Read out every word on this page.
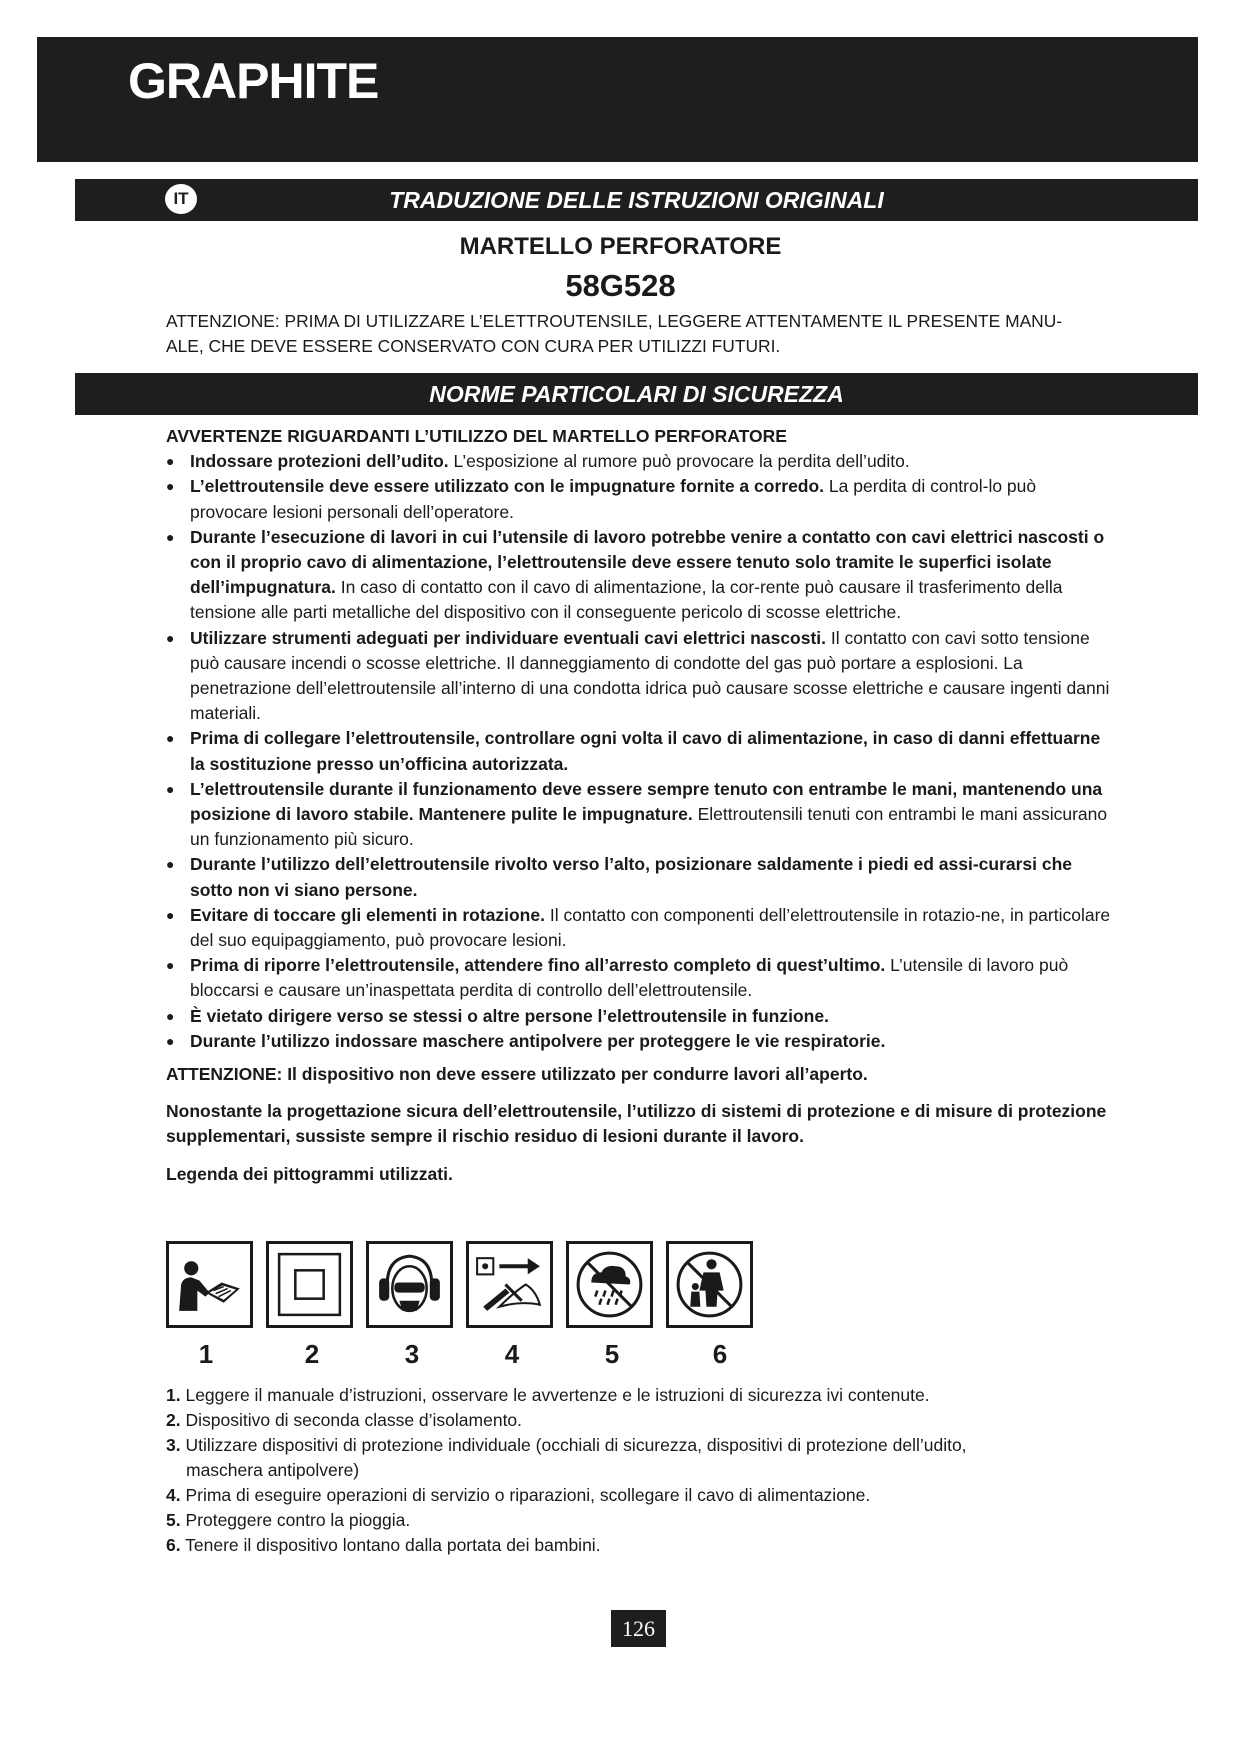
GRAPHITE
IT	TRADUZIONE DELLE ISTRUZIONI ORIGINALI
MARTELLO PERFORATORE
58G528
ATTENZIONE: PRIMA DI UTILIZZARE L’ELETTROUTENSILE, LEGGERE ATTENTAMENTE IL PRESENTE MANU-
ALE, CHE DEVE ESSERE CONSERVATO CON CURA PER UTILIZZI FUTURI.
NORME PARTICOLARI DI SICUREZZA

AVVERTENZE RIGUARDANTI L’UTILIZZO DEL MARTELLO PERFORATORE

● Indossare protezioni dell’udito. L’esposizione al rumore può provocare la perdita dell’udito.
● L’elettroutensile deve essere utilizzato con le impugnature fornite a corredo. La perdita di control-lo può provocare lesioni personali dell’operatore.
● Durante l’esecuzione di lavori in cui l’utensile di lavoro potrebbe venire a contatto con cavi elettrici nascosti o con il proprio cavo di alimentazione, l’elettroutensile deve essere tenuto solo tramite le superfici isolate dell’impugnatura. In caso di contatto con il cavo di alimentazione, la cor-rente può causare il trasferimento della tensione alle parti metalliche del dispositivo con il conseguente pericolo di scosse elettriche.
● Utilizzare strumenti adeguati per individuare eventuali cavi elettrici nascosti. Il contatto con cavi sotto tensione può causare incendi o scosse elettriche. Il danneggiamento di condotte del gas può portare a esplosioni. La penetrazione dell’elettroutensile all’interno di una condotta idrica può causare scosse elettriche e causare ingenti danni materiali.
● Prima di collegare l’elettroutensile, controllare ogni volta il cavo di alimentazione, in caso di danni effettuarne la sostituzione presso un’officina autorizzata.
● L’elettroutensile durante il funzionamento deve essere sempre tenuto con entrambe le mani, mantenendo una posizione di lavoro stabile. Mantenere pulite le impugnature. Elettroutensili tenuti con entrambi le mani assicurano un funzionamento più sicuro.
● Durante l’utilizzo dell’elettroutensile rivolto verso l’alto, posizionare saldamente i piedi ed assi-curarsi che sotto non vi siano persone.
● Evitare di toccare gli elementi in rotazione. Il contatto con componenti dell’elettroutensile in rotazio-ne, in particolare del suo equipaggiamento, può provocare lesioni.
● Prima di riporre l’elettroutensile, attendere fino all’arresto completo di quest’ultimo. L’utensile di lavoro può bloccarsi e causare un’inaspettata perdita di controllo dell’elettroutensile.
● È vietato dirigere verso se stessi o altre persone l’elettroutensile in funzione.
● Durante l’utilizzo indossare maschere antipolvere per proteggere le vie respiratorie.

ATTENZIONE: Il dispositivo non deve essere utilizzato per condurre lavori all’aperto.

Nonostante la progettazione sicura dell’elettroutensile, l’utilizzo di sistemi di protezione e di misure di protezione supplementari, sussiste sempre il rischio residuo di lesioni durante il lavoro.

Legenda dei pittogrammi utilizzati.

1	2	3	4	5	6

1. Leggere il manuale d’istruzioni, osservare le avvertenze e le istruzioni di sicurezza ivi contenute.

2. Dispositivo di seconda classe d’isolamento.

3. Utilizzare dispositivi di protezione individuale (occhiali di sicurezza, dispositivi di protezione dell’udito,
maschera antipolvere)

4. Prima di eseguire operazioni di servizio o riparazioni, scollegare il cavo di alimentazione.

5. Proteggere contro la pioggia.

6. Tenere il dispositivo lontano dalla portata dei bambini.

126
